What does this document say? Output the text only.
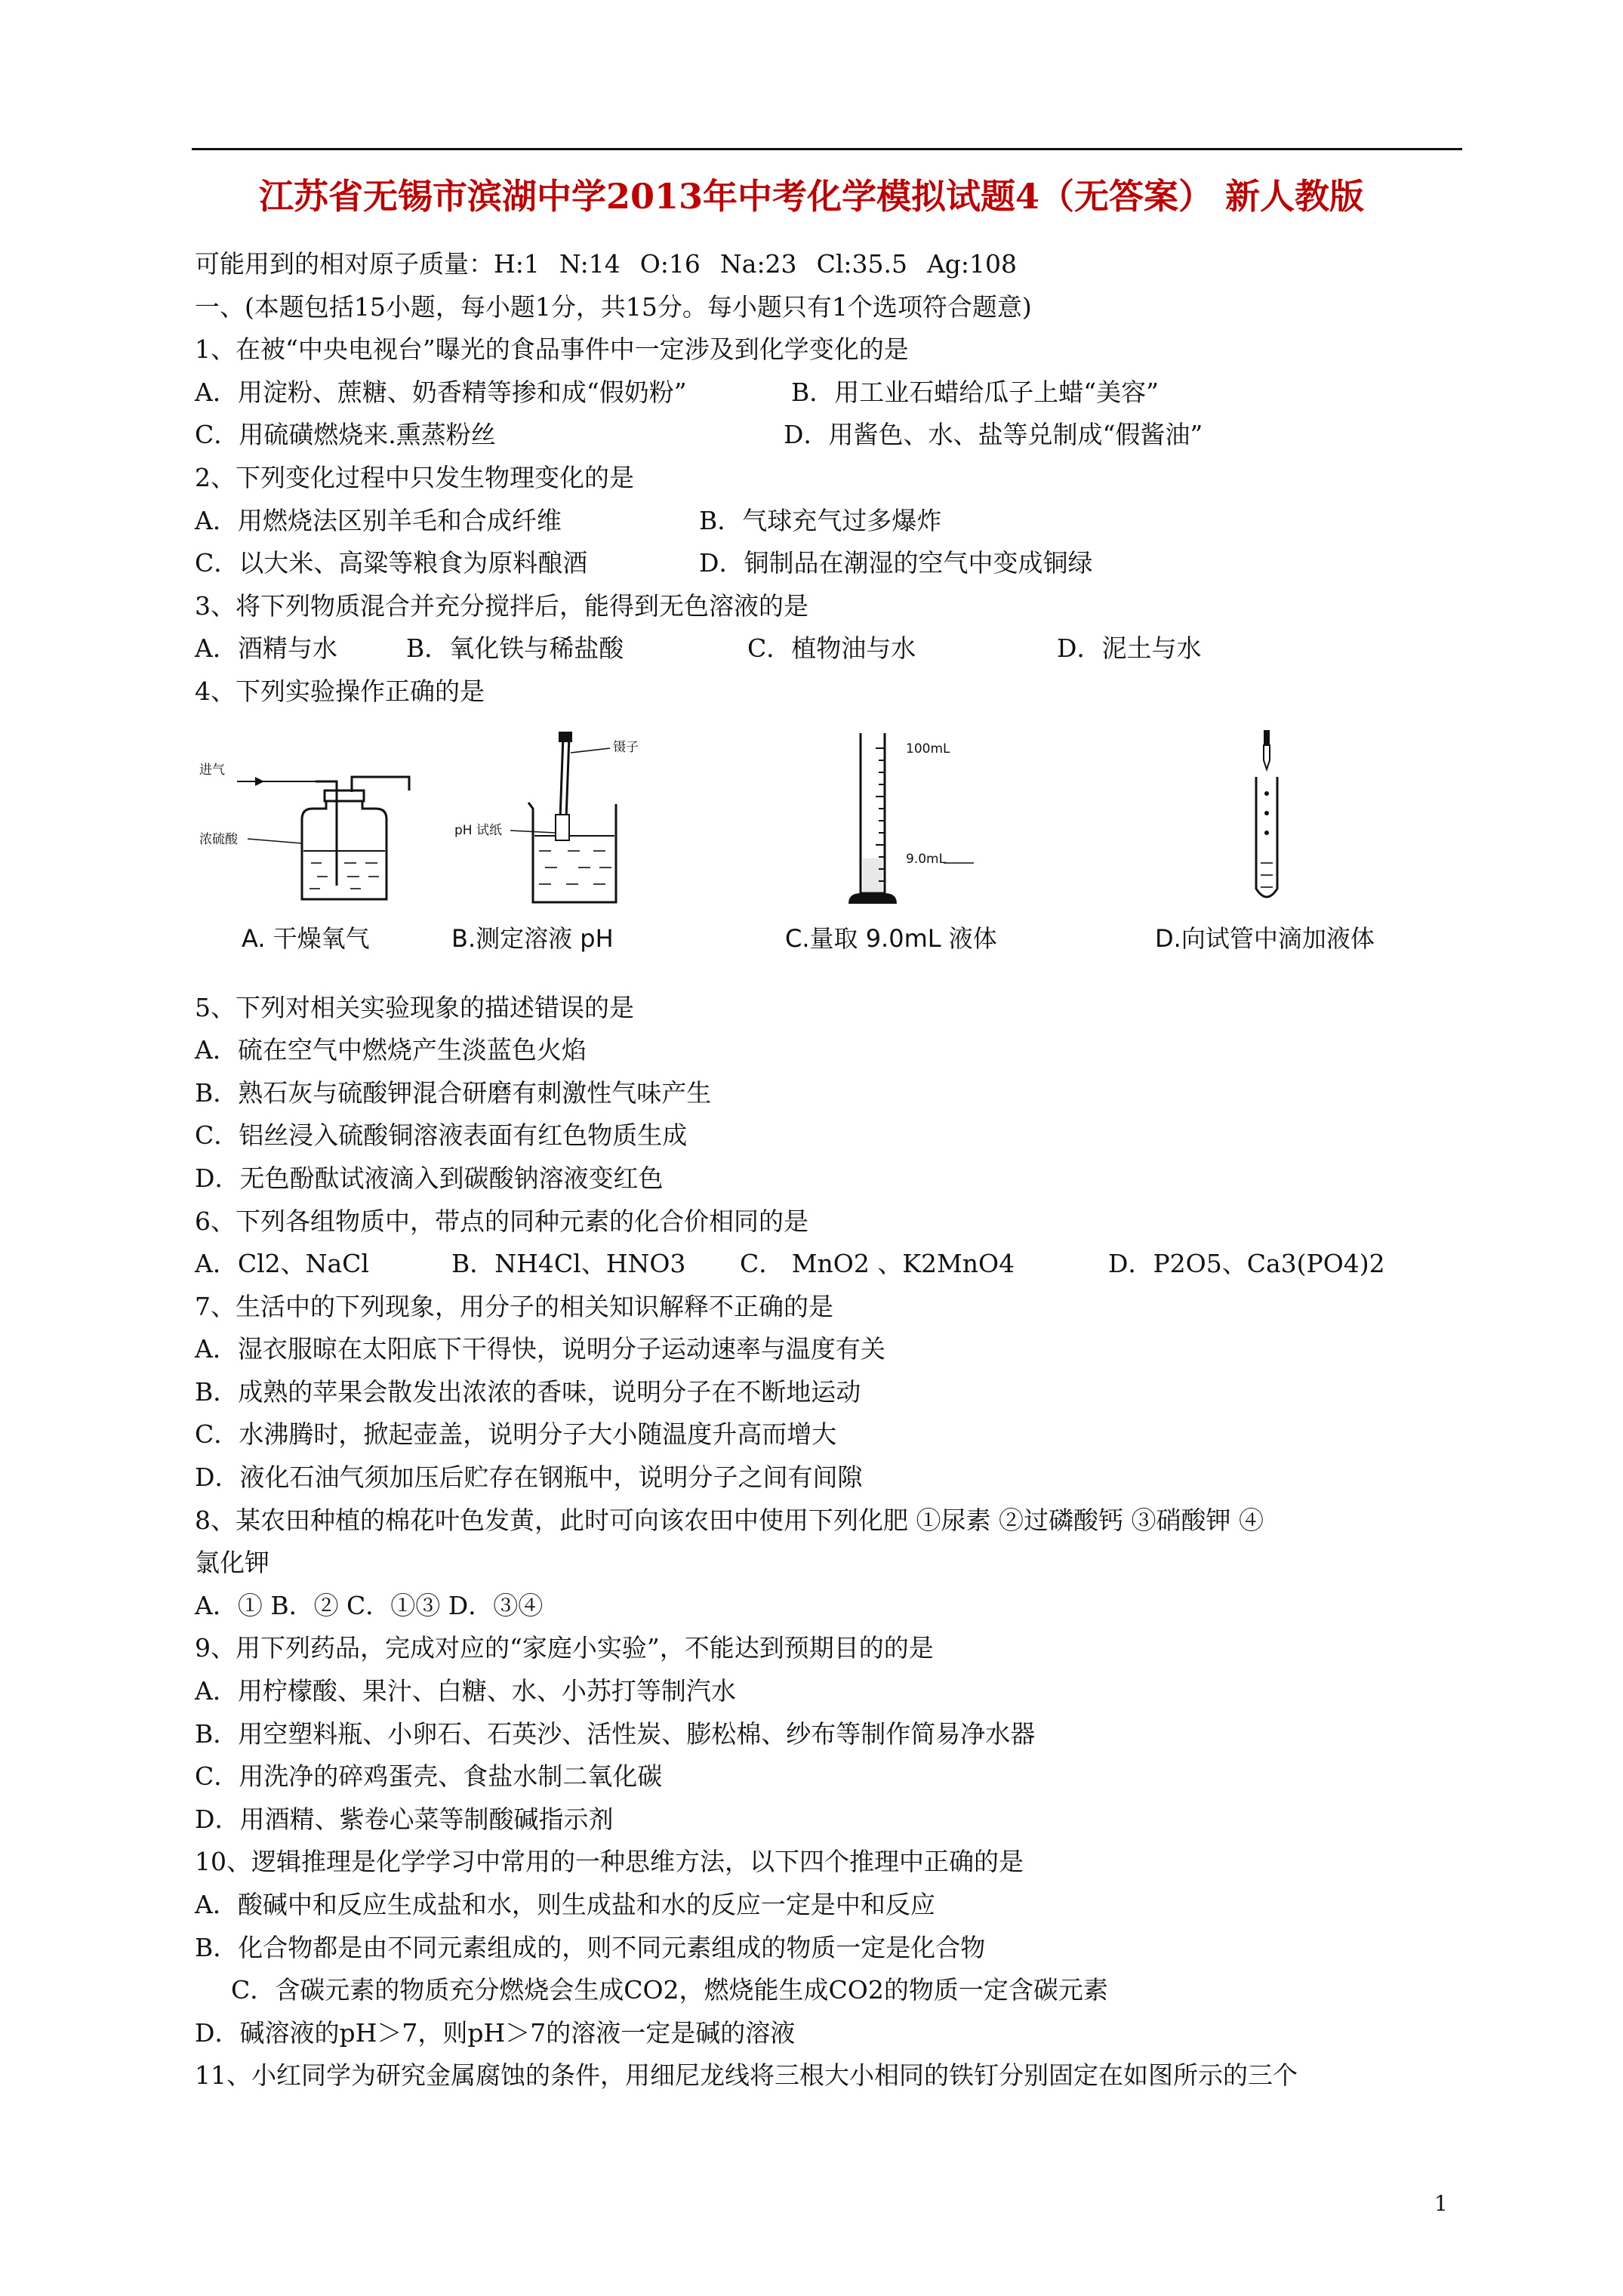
江苏省无锡市滨湖中学2013年中考化学模拟试题4（无答案） 新人教版
可能用到的相对原子质量：H:1 N:14 O:16 Na:23 Cl:35.5 Ag:108
一、(本题包括15小题，每小题1分，共15分。每小题只有1个选项符合题意)
1、在被“中央电视台”曝光的食品事件中一定涉及到化学变化的是
A．用淀粉、蔗糖、奶香精等掺和成“假奶粉”	B．用工业石蜡给瓜子上蜡“美容”
C．用硫磺燃烧来.熏蒸粉丝	D．用酱色、水、盐等兑制成“假酱油”
2、下列变化过程中只发生物理变化的是
A．用燃烧法区别羊毛和合成纤维	B．气球充气过多爆炸
C．以大米、高粱等粮食为原料酿酒	D．铜制品在潮湿的空气中变成铜绿
3、将下列物质混合并充分搅拌后，能得到无色溶液的是
A．酒精与水	B．氧化铁与稀盐酸	C．植物油与水	D．泥土与水
4、下列实验操作正确的是
进气
浓硫酸
A. 干燥氧气
镊子
pH 试纸
B.测定溶液 pH
100mL
9.0mL
C.量取 9.0mL 液体	D.向试管中滴加液体
5、下列对相关实验现象的描述错误的是
A．硫在空气中燃烧产生淡蓝色火焰
B．熟石灰与硫酸钾混合研磨有刺激性气味产生
C．铝丝浸入硫酸铜溶液表面有红色物质生成
D．无色酚酞试液滴入到碳酸钠溶液变红色
6、下列各组物质中，带点的同种元素的化合价相同的是
A．Cl2、NaCl	B．NH4Cl、HNO3 C． MnO2 、K2MnO4	D．P2O5、Ca3(PO4)2
7、生活中的下列现象，用分子的相关知识解释不正确的是
A．湿衣服晾在太阳底下干得快，说明分子运动速率与温度有关
B．成熟的苹果会散发出浓浓的香味，说明分子在不断地运动
C．水沸腾时，掀起壶盖，说明分子大小随温度升高而增大
D．液化石油气须加压后贮存在钢瓶中，说明分子之间有间隙
8、某农田种植的棉花叶色发黄，此时可向该农田中使用下列化肥 ①尿素 ②过磷酸钙 ③硝酸钾 ④
氯化钾
A．① B．② C．①③ D．③④
9、用下列药品，完成对应的“家庭小实验”，不能达到预期目的的是
A．用柠檬酸、果汁、白糖、水、小苏打等制汽水
B．用空塑料瓶、小卵石、石英沙、活性炭、膨松棉、纱布等制作简易净水器
C．用洗净的碎鸡蛋壳、食盐水制二氧化碳
D．用酒精、紫卷心菜等制酸碱指示剂
10、逻辑推理是化学学习中常用的一种思维方法，以下四个推理中正确的是
A．酸碱中和反应生成盐和水，则生成盐和水的反应一定是中和反应
B．化合物都是由不同元素组成的，则不同元素组成的物质一定是化合物
C．含碳元素的物质充分燃烧会生成CO2，燃烧能生成CO2的物质一定含碳元素
D．碱溶液的pH＞7，则pH＞7的溶液一定是碱的溶液
11、小红同学为研究金属腐蚀的条件，用细尼龙线将三根大小相同的铁钉分别固定在如图所示的三个
1
